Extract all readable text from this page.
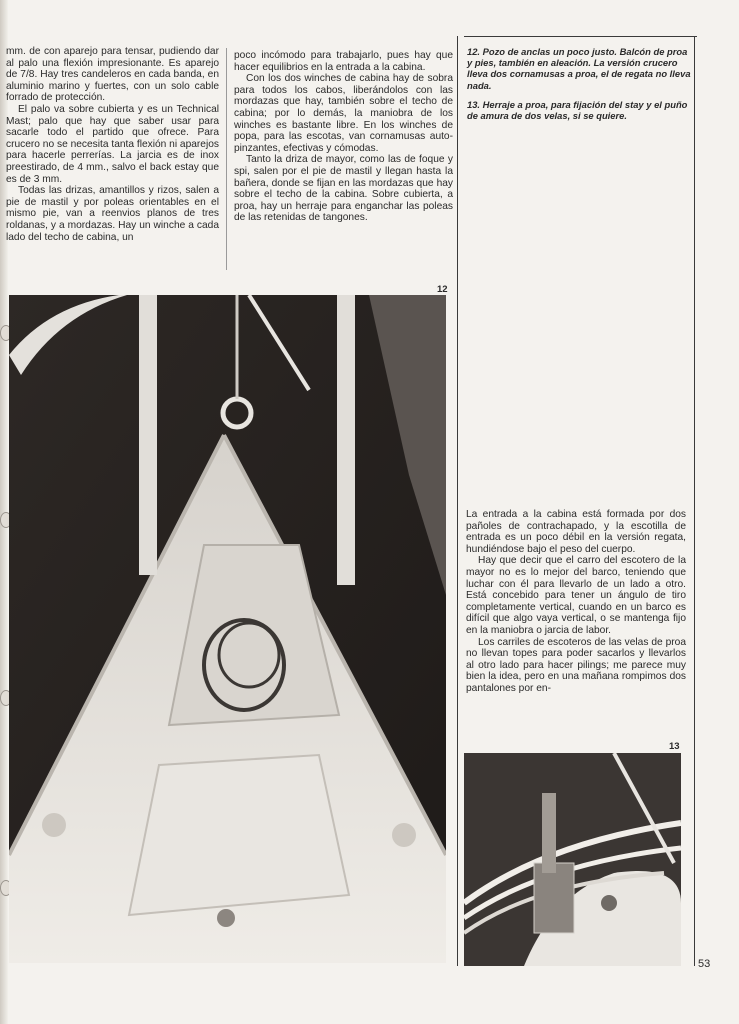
mm. de con aparejo para tensar, pudiendo dar al palo una flexión impresionante. Es aparejo de 7/8. Hay tres candeleros en cada banda, en aluminio marino y fuertes, con un solo cable forrado de protección.

El palo va sobre cubierta y es un Technical Mast; palo que hay que saber usar para sacarle todo el partido que ofrece. Para crucero no se necesita tanta flexión ni aparejos para hacerle perrerías. La jarcia es de inox preestirado, de 4 mm., salvo el back estay que es de 3 mm.

Todas las drizas, amantillos y rizos, salen a pie de mastil y por poleas orientables en el mismo pie, van a reenvios planos de tres roldanas, y a mordazas. Hay un winche a cada lado del techo de cabina, un

poco incómodo para trabajarlo, pues hay que hacer equilibrios en la entrada a la cabina.

Con los dos winches de cabina hay de sobra para todos los cabos, liberándolos con las mordazas que hay, también sobre el techo de cabina; por lo demás, la maniobra de los winches es bastante libre. En los winches de popa, para las escotas, van cornamusas auto-pinzantes, efectivas y cómodas.

Tanto la driza de mayor, como las de foque y spi, salen por el pie de mastil y llegan hasta la bañera, donde se fijan en las mordazas que hay sobre el techo de la cabina. Sobre cubierta, a proa, hay un herraje para enganchar las poleas de las retenidas de tangones.

12. Pozo de anclas un poco justo. Balcón de proa y pies, también en aleación. La versión crucero lleva dos cornamusas a proa, el de regata no lleva nada.

13. Herraje a proa, para fijación del stay y el puño de amura de dos velas, si se quiere.

12

La entrada a la cabina está formada por dos pañoles de contrachapado, y la escotilla de entrada es un poco débil en la versión regata, hundiéndose bajo el peso del cuerpo.

Hay que decir que el carro del escotero de la mayor no es lo mejor del barco, teniendo que luchar con él para llevarlo de un lado a otro. Está concebido para tener un ángulo de tiro completamente vertical, cuando en un barco es difícil que algo vaya vertical, o se mantenga fijo en la maniobra o jarcia de labor.

Los carriles de escoteros de las velas de proa no llevan topes para poder sacarlos y llevarlos al otro lado para hacer pilings; me parece muy bien la idea, pero en una mañana rompimos dos pantalones por en-

13
53
